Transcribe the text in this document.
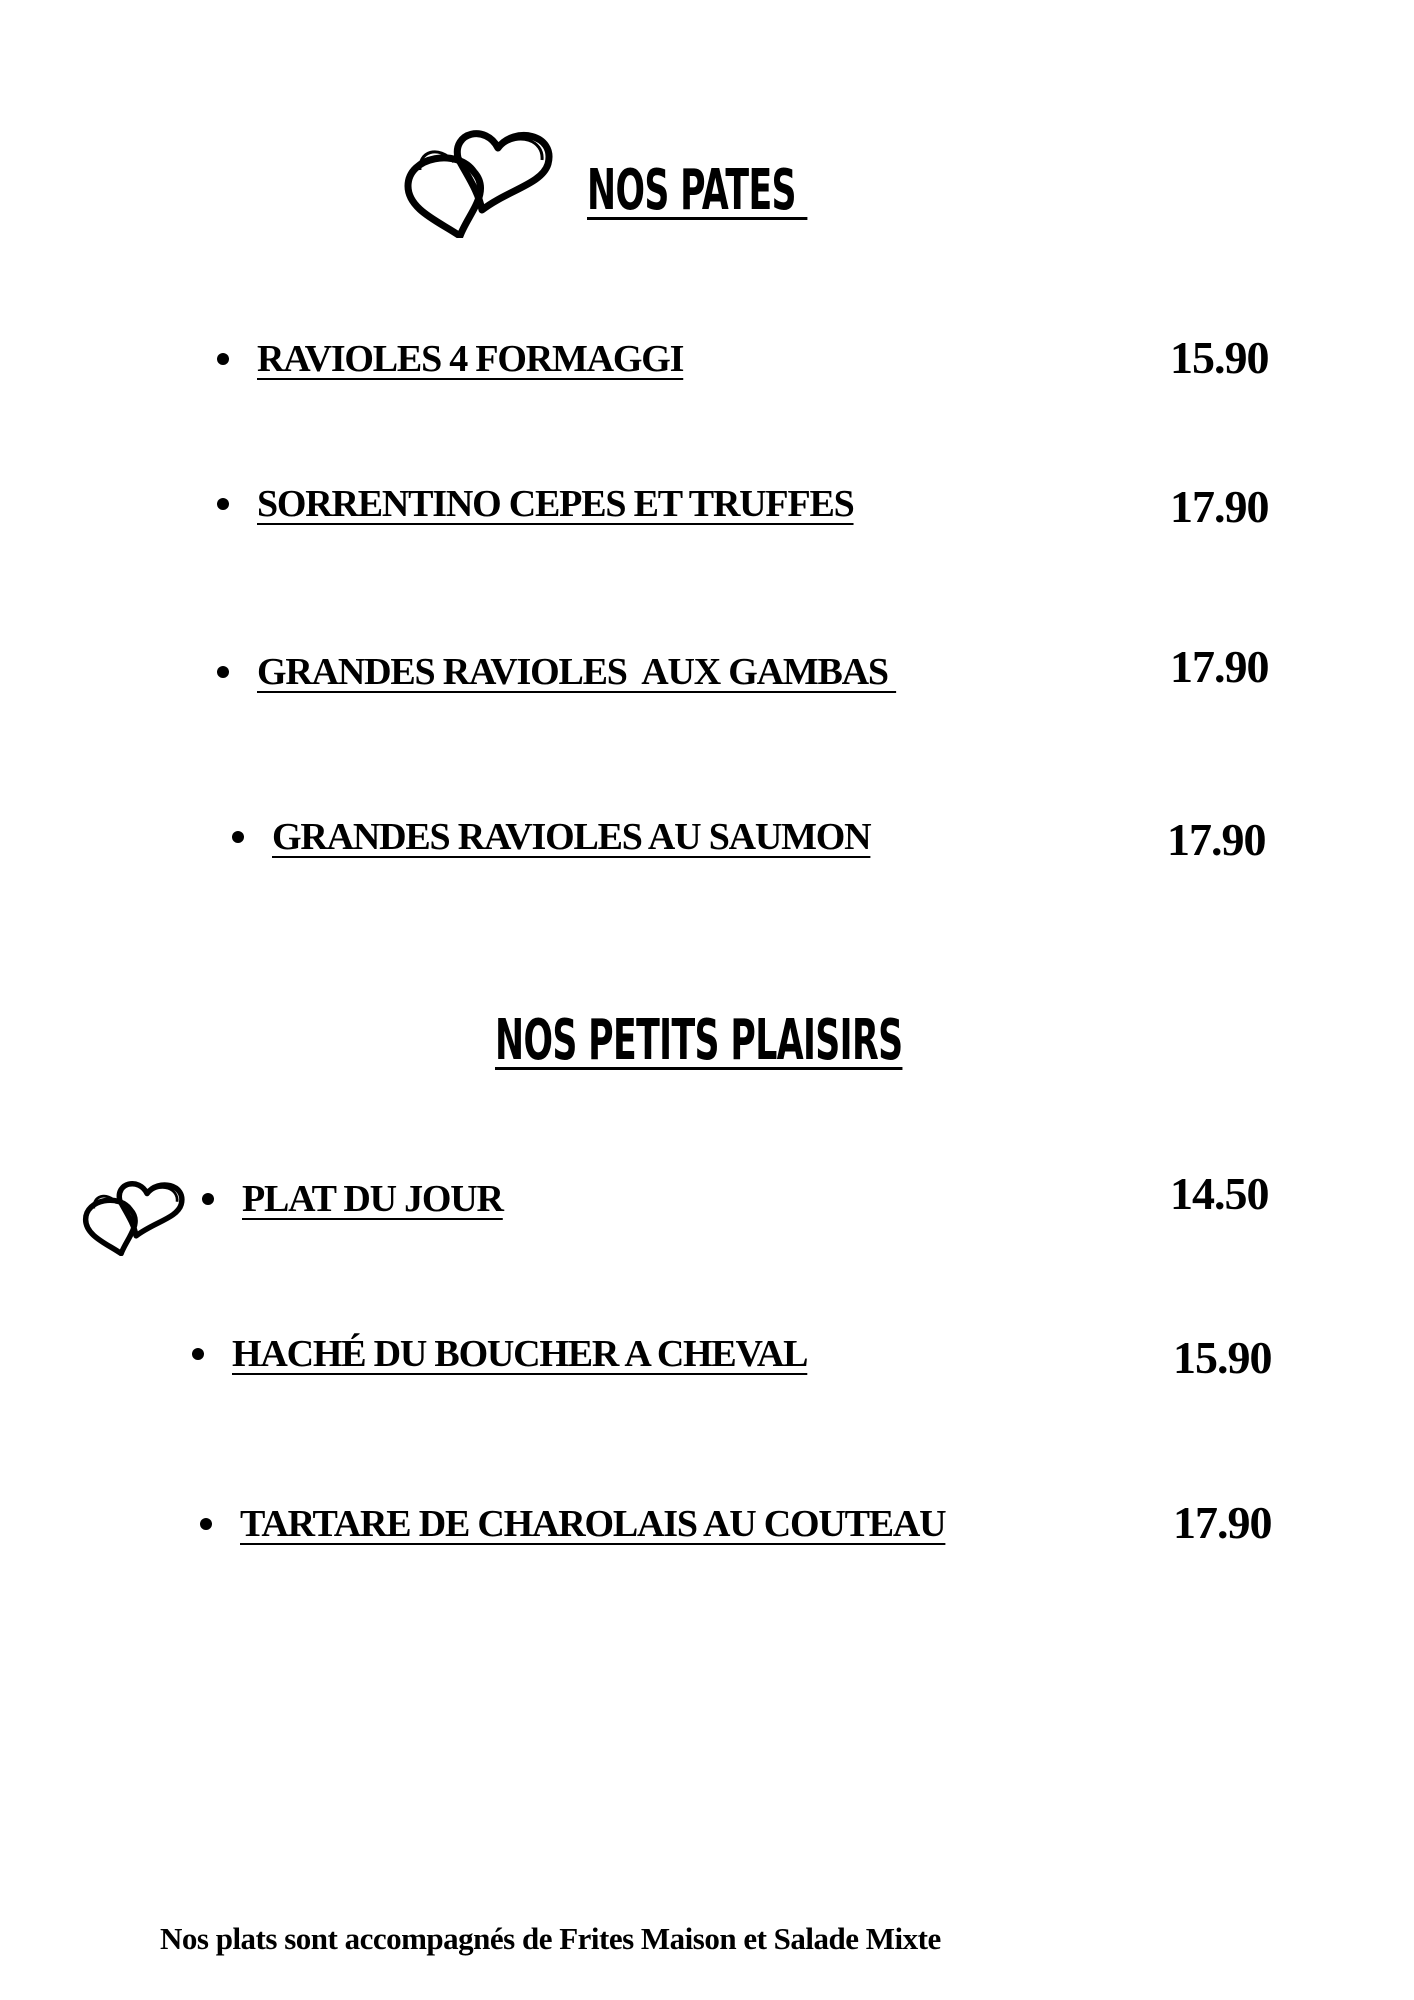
NOS PATES
RAVIOLES 4 FORMAGGI	15.90
SORRENTINO CEPES ET TRUFFES	17.90
GRANDES RAVIOLES  AUX GAMBAS	17.90
GRANDES RAVIOLES AU SAUMON	17.90
NOS PETITS PLAISIRS
PLAT DU JOUR	14.50
HACHÉ DU BOUCHER A CHEVAL	15.90
TARTARE DE CHAROLAIS AU COUTEAU	17.90
Nos plats sont accompagnés de Frites Maison et Salade Mixte
